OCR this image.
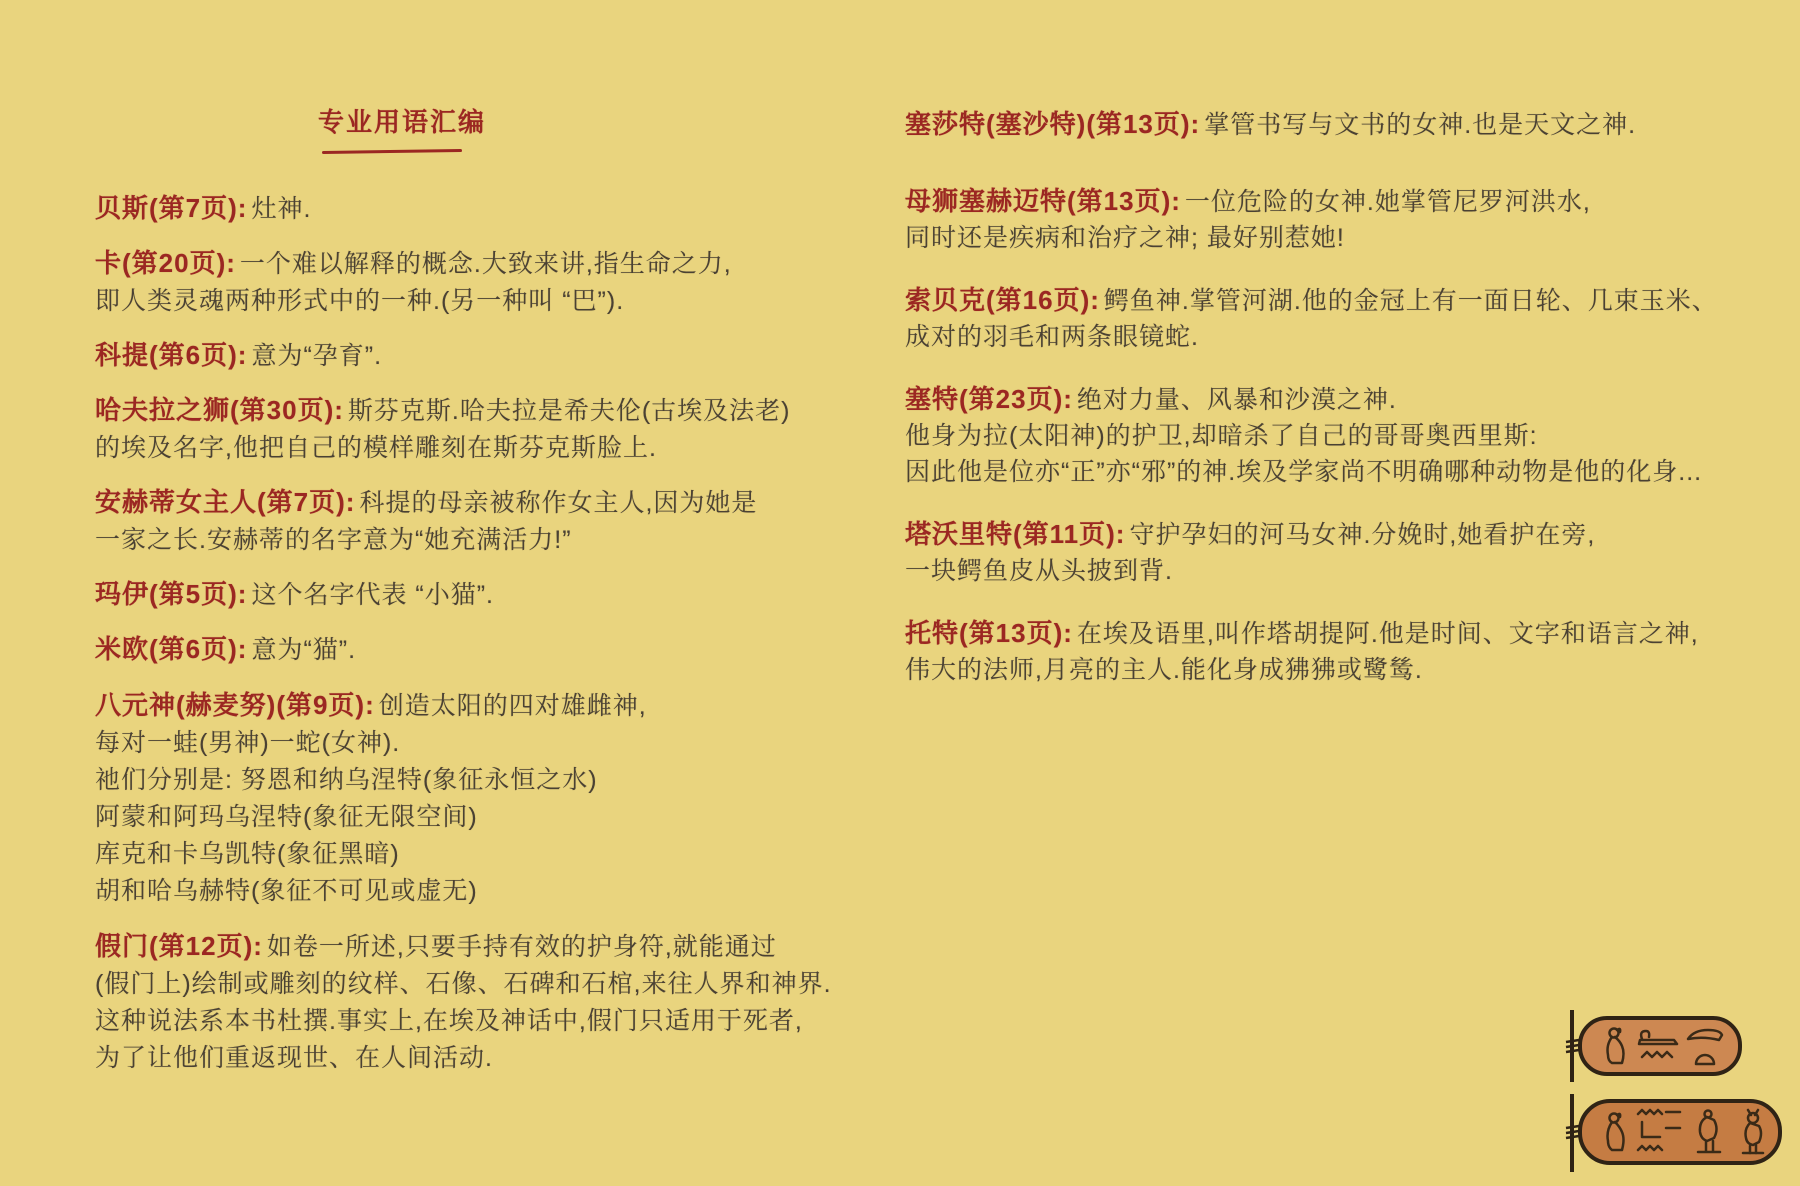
专业用语汇编

贝斯(第7页): 灶神.

卡(第20页): 一个难以解释的概念.大致来讲,指生命之力,

即人类灵魂两种形式中的一种.(另一种叫 “巴”).

科提(第6页): 意为“孕育”.

哈夫拉之狮(第30页): 斯芬克斯.哈夫拉是希夫伦(古埃及法老)

的埃及名字,他把自己的模样雕刻在斯芬克斯脸上.

安赫蒂女主人(第7页): 科提的母亲被称作女主人,因为她是

一家之长.安赫蒂的名字意为“她充满活力!”

玛伊(第5页): 这个名字代表 “小猫”.

米欧(第6页): 意为“猫”.

八元神(赫麦努)(第9页): 创造太阳的四对雄雌神,

每对一蛙(男神)一蛇(女神).

祂们分别是: 努恩和纳乌涅特(象征永恒之水)

阿蒙和阿玛乌涅特(象征无限空间)

库克和卡乌凯特(象征黑暗)

胡和哈乌赫特(象征不可见或虚无)

假门(第12页): 如卷一所述,只要手持有效的护身符,就能通过

(假门上)绘制或雕刻的纹样、石像、石碑和石棺,来往人界和神界.

这种说法系本书杜撰.事实上,在埃及神话中,假门只适用于死者,

为了让他们重返现世、在人间活动.

塞莎特(塞沙特)(第13页): 掌管书写与文书的女神.也是天文之神.

母狮塞赫迈特(第13页): 一位危险的女神.她掌管尼罗河洪水,

同时还是疾病和治疗之神; 最好别惹她!

索贝克(第16页): 鳄鱼神.掌管河湖.他的金冠上有一面日轮、几束玉米、

成对的羽毛和两条眼镜蛇.

塞特(第23页): 绝对力量、风暴和沙漠之神.

他身为拉(太阳神)的护卫,却暗杀了自己的哥哥奥西里斯:

因此他是位亦“正”亦“邪”的神.埃及学家尚不明确哪种动物是他的化身...

塔沃里特(第11页): 守护孕妇的河马女神.分娩时,她看护在旁,

一块鳄鱼皮从头披到背.

托特(第13页): 在埃及语里,叫作塔胡提阿.他是时间、文字和语言之神,

伟大的法师,月亮的主人.能化身成狒狒或鹭鸶.
